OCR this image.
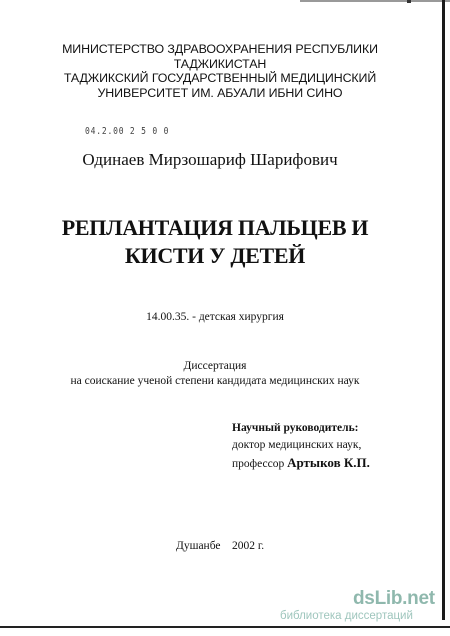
МИНИСТЕРСТВО ЗДРАВООХРАНЕНИЯ РЕСПУБЛИКИ
ТАДЖИКИСТАН
ТАДЖИКСКИЙ ГОСУДАРСТВЕННЫЙ МЕДИЦИНСКИЙ
УНИВЕРСИТЕТ ИМ. АБУАЛИ ИБНИ СИНО
04.2.00 2 5 0 0
Одинаев Мирзошариф Шарифович
РЕПЛАНТАЦИЯ ПАЛЬЦЕВ И
КИСТИ У ДЕТЕЙ
14.00.35. - детская хирургия
Диссертация
на соискание ученой степени кандидата медицинских наук
Научный руководитель:
доктор медицинских наук,
профессор Артыков К.П.
Душанбе 2002 г.
dsLib.net
библиотека диссертаций
